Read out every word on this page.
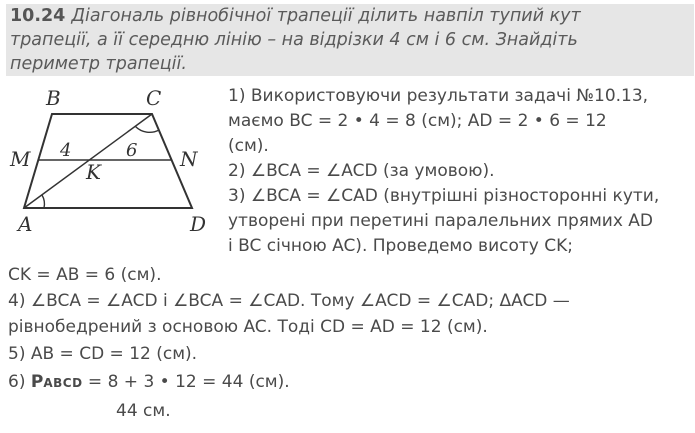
10.24 Діагональ рівнобічної трапеції ділить навпіл тупий кут
трапеції, а її середню лінію – на відрізки 4 см і 6 см. Знайдіть
периметр трапеції.
B	C
M	N
K
A	D
4	6
1) Використовуючи результати задачі №10.13,
маємо BC = 2 • 4 = 8 (см); AD = 2 • 6 = 12
(см).
2) ∠BCA = ∠ACD (за умовою).
3) ∠BCA = ∠CAD (внутрішні різносторонні кути,
утворені при перетині паралельних прямих AD
і BC січною AC). Проведемо висоту CK;
CK = AB = 6 (см).
4) ∠BCA = ∠ACD і ∠BCA = ∠CAD. Тому ∠ACD = ∠CAD; ΔACD —
рівнобедрений з основою AC. Тоді CD = AD = 12 (см).
5) AB = CD = 12 (см).
6) PABCD = 8 + 3 • 12 = 44 (см).
44 см.
